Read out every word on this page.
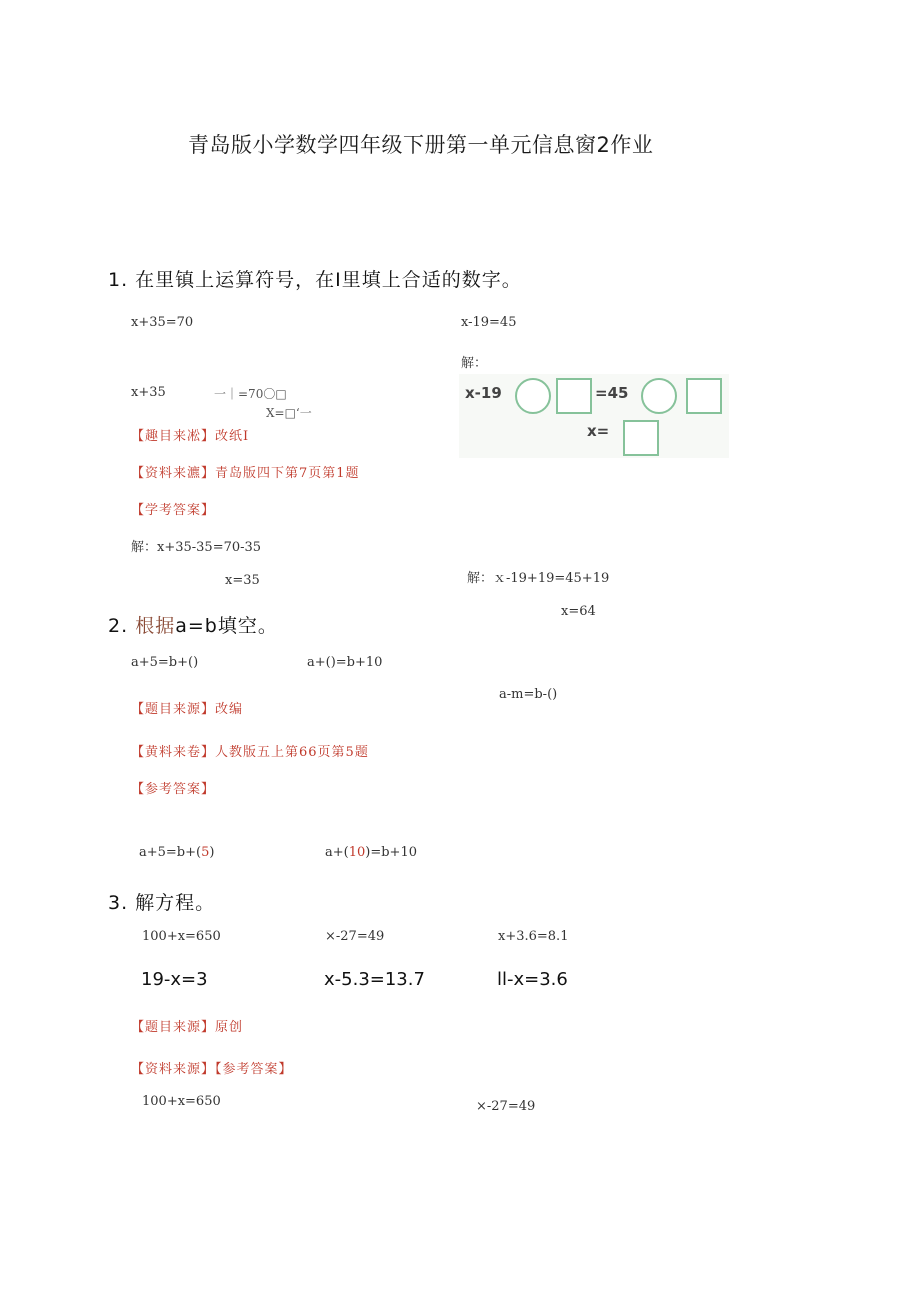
青岛版小学数学四年级下册第一单元信息窗2作业
1. 在里镇上运算符号，在I里填上合适的数字。
x+35=70
x+35	一｜=70〇□
X=□‘一
【趣目来凇】改纸I
【资料来瀌】青岛版四下第7页第1题
【学考答案】
解：x+35-35=70-35
x=35
x-19=45
解：
x-19	=45
x=
解：ｘ-19+19=45+19
x=64
2. 根据a=b填空。
a+5=b+()	a+()=b+10
a-m=b-()
【题目来源】改编
【黄料来卷】人教版五上第66页第5题
【参考答案】
a+5=b+(5)	a+(10)=b+10
3. 解方程。
100+x=650	×-27=49	x+3.6=8.1
19-x=3	x-5.3=13.7	ll-x=3.6
【题目来源】原创
【资料来源】【参考答案】
100+x=650	×-27=49
